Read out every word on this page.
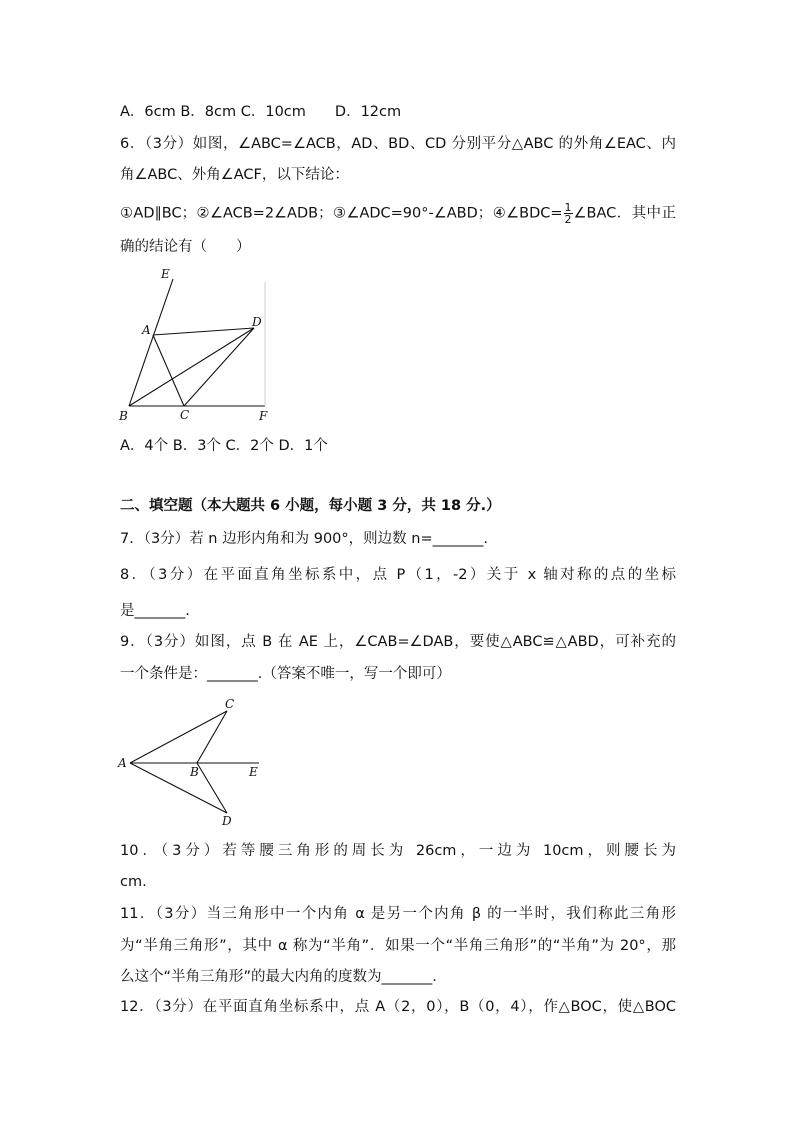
A．6cm B．8cm C．10cm　　D．12cm
6．（3分）如图，∠ABC=∠ACB，AD、BD、CD 分别平分△ABC 的外角∠EAC、内
角∠ABC、外角∠ACF，以下结论：
①AD∥BC；②∠ACB=2∠ADB；③∠ADC=90°-∠ABD；④∠BDC= $\frac{1}{2}$ ∠BAC．其中正
确的结论有（　　）
E
A
D
B	C	F
A．4个 B．3个 C．2个 D．1个
二、填空题（本大题共 6 小题，每小题 3 分，共 18 分.）
7．（3分）若 n 边形内角和为 900°，则边数 n=_______.
8．（3分）在平面直角坐标系中，点 P（1，-2）关于 x 轴对称的点的坐标
是_______.
9．（3分）如图，点 B 在 AE 上，∠CAB=∠DAB，要使△ABC≌△ABD，可补充的
一个条件是：_______.（答案不唯一，写一个即可）
C
A
B	E
D
10．（3分）若等腰三角形的周长为 26cm，一边为 10cm，则腰长为
cm.
11．（3分）当三角形中一个内角 α 是另一个内角 β 的一半时，我们称此三角形
为“半角三角形”，其中 α 称为“半角”．如果一个“半角三角形”的“半角”为 20°，那
么这个“半角三角形”的最大内角的度数为_______.
12．（3分）在平面直角坐标系中，点 A（2，0），B（0，4），作△BOC，使△BOC
